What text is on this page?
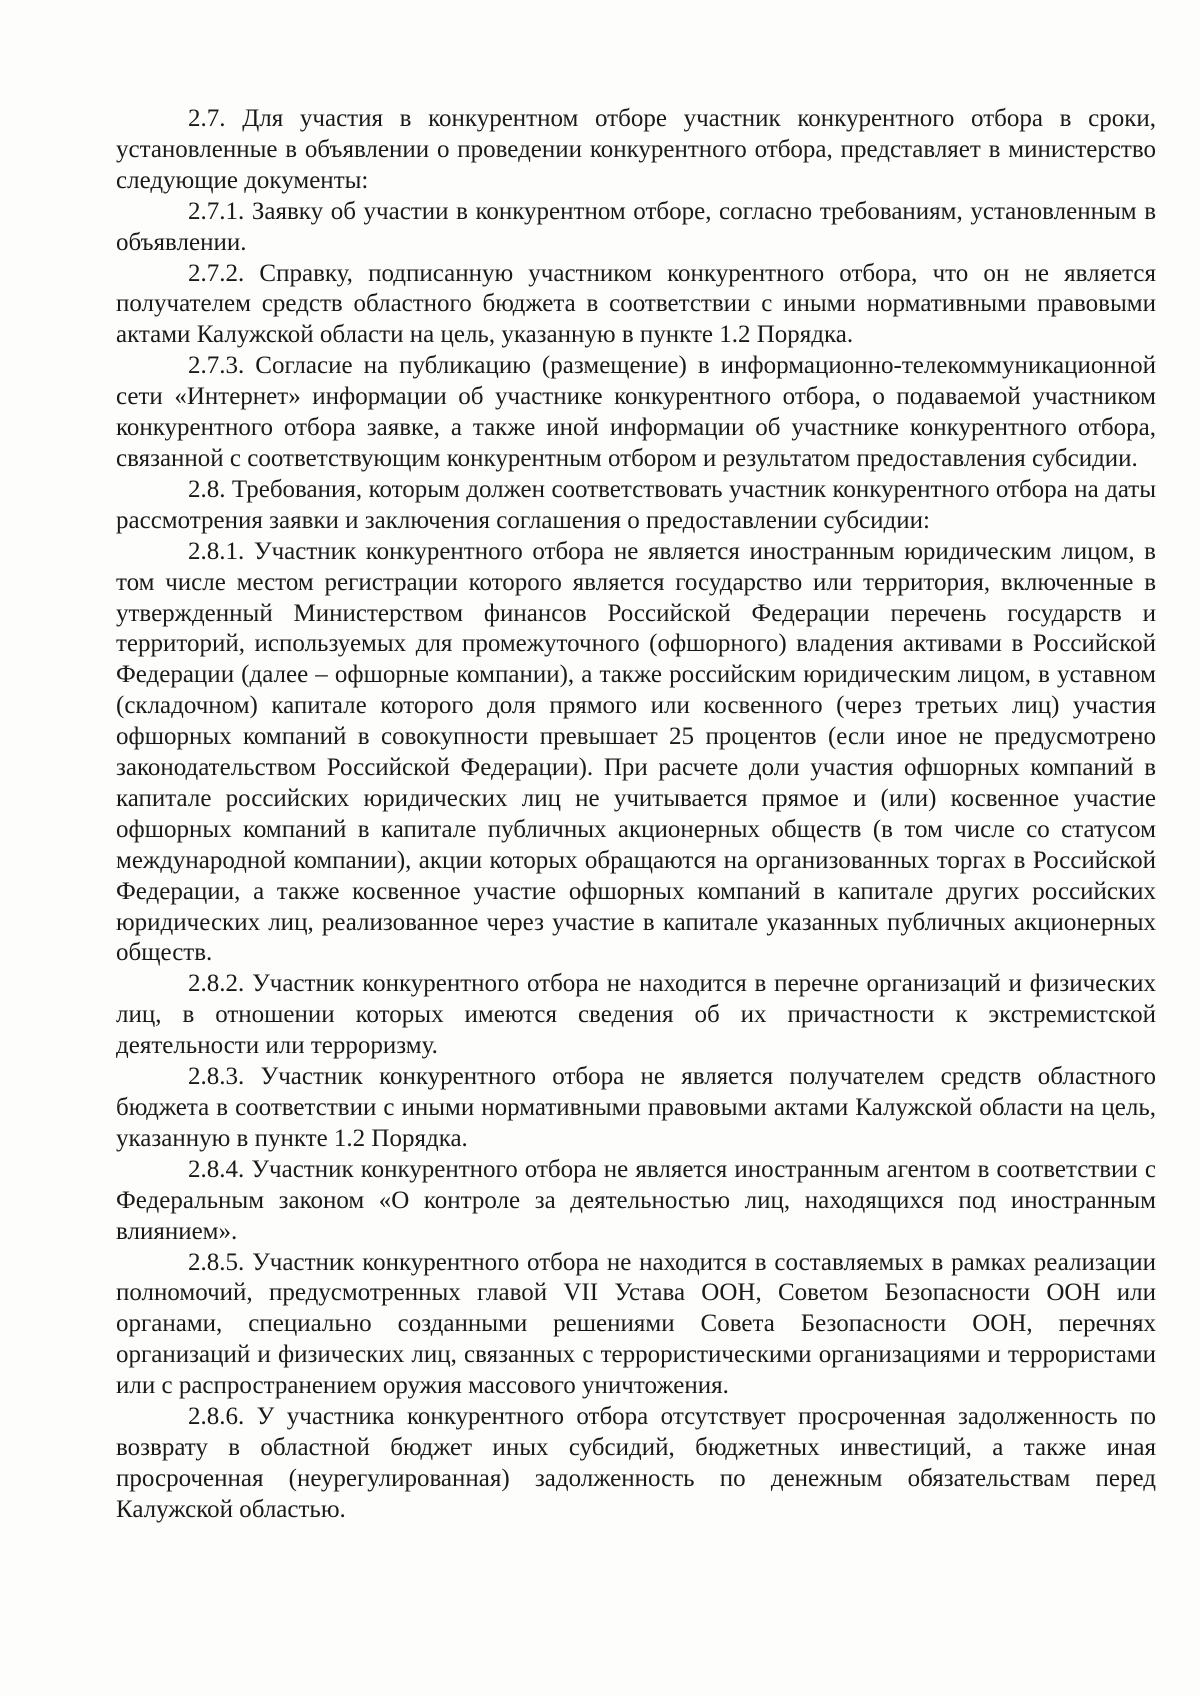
2.7. Для участия в конкурентном отборе участник конкурентного отбора в сроки, установленные в объявлении о проведении конкурентного отбора, представляет в министерство следующие документы:

2.7.1. Заявку об участии в конкурентном отборе, согласно требованиям, установленным в объявлении.

2.7.2. Справку, подписанную участником конкурентного отбора, что он не является получателем средств областного бюджета в соответствии с иными нормативными правовыми актами Калужской области на цель, указанную в пункте 1.2 Порядка.

2.7.3. Согласие на публикацию (размещение) в информационно-телекоммуникационной сети «Интернет» информации об участнике конкурентного отбора, о подаваемой участником конкурентного отбора заявке, а также иной информации об участнике конкурентного отбора, связанной с соответствующим конкурентным отбором и результатом предоставления субсидии.

2.8. Требования, которым должен соответствовать участник конкурентного отбора на даты рассмотрения заявки и заключения соглашения о предоставлении субсидии:

2.8.1. Участник конкурентного отбора не является иностранным юридическим лицом, в том числе местом регистрации которого является государство или территория, включенные в утвержденный Министерством финансов Российской Федерации перечень государств и территорий, используемых для промежуточного (офшорного) владения активами в Российской Федерации (далее – офшорные компании), а также российским юридическим лицом, в уставном (складочном) капитале которого доля прямого или косвенного (через третьих лиц) участия офшорных компаний в совокупности превышает 25 процентов (если иное не предусмотрено законодательством Российской Федерации). При расчете доли участия офшорных компаний в капитале российских юридических лиц не учитывается прямое и (или) косвенное участие офшорных компаний в капитале публичных акционерных обществ (в том числе со статусом международной компании), акции которых обращаются на организованных торгах в Российской Федерации, а также косвенное участие офшорных компаний в капитале других российских юридических лиц, реализованное через участие в капитале указанных публичных акционерных обществ.

2.8.2. Участник конкурентного отбора не находится в перечне организаций и физических лиц, в отношении которых имеются сведения об их причастности к экстремистской деятельности или терроризму.

2.8.3. Участник конкурентного отбора не является получателем средств областного бюджета в соответствии с иными нормативными правовыми актами Калужской области на цель, указанную в пункте 1.2 Порядка.

2.8.4. Участник конкурентного отбора не является иностранным агентом в соответствии с Федеральным законом «О контроле за деятельностью лиц, находящихся под иностранным влиянием».

2.8.5. Участник конкурентного отбора не находится в составляемых в рамках реализации полномочий, предусмотренных главой VII Устава ООН, Советом Безопасности ООН или органами, специально созданными решениями Совета Безопасности ООН, перечнях организаций и физических лиц, связанных с террористическими организациями и террористами или с распространением оружия массового уничтожения.

2.8.6. У участника конкурентного отбора отсутствует просроченная задолженность по возврату в областной бюджет иных субсидий, бюджетных инвестиций, а также иная просроченная (неурегулированная) задолженность по денежным обязательствам перед Калужской областью.
